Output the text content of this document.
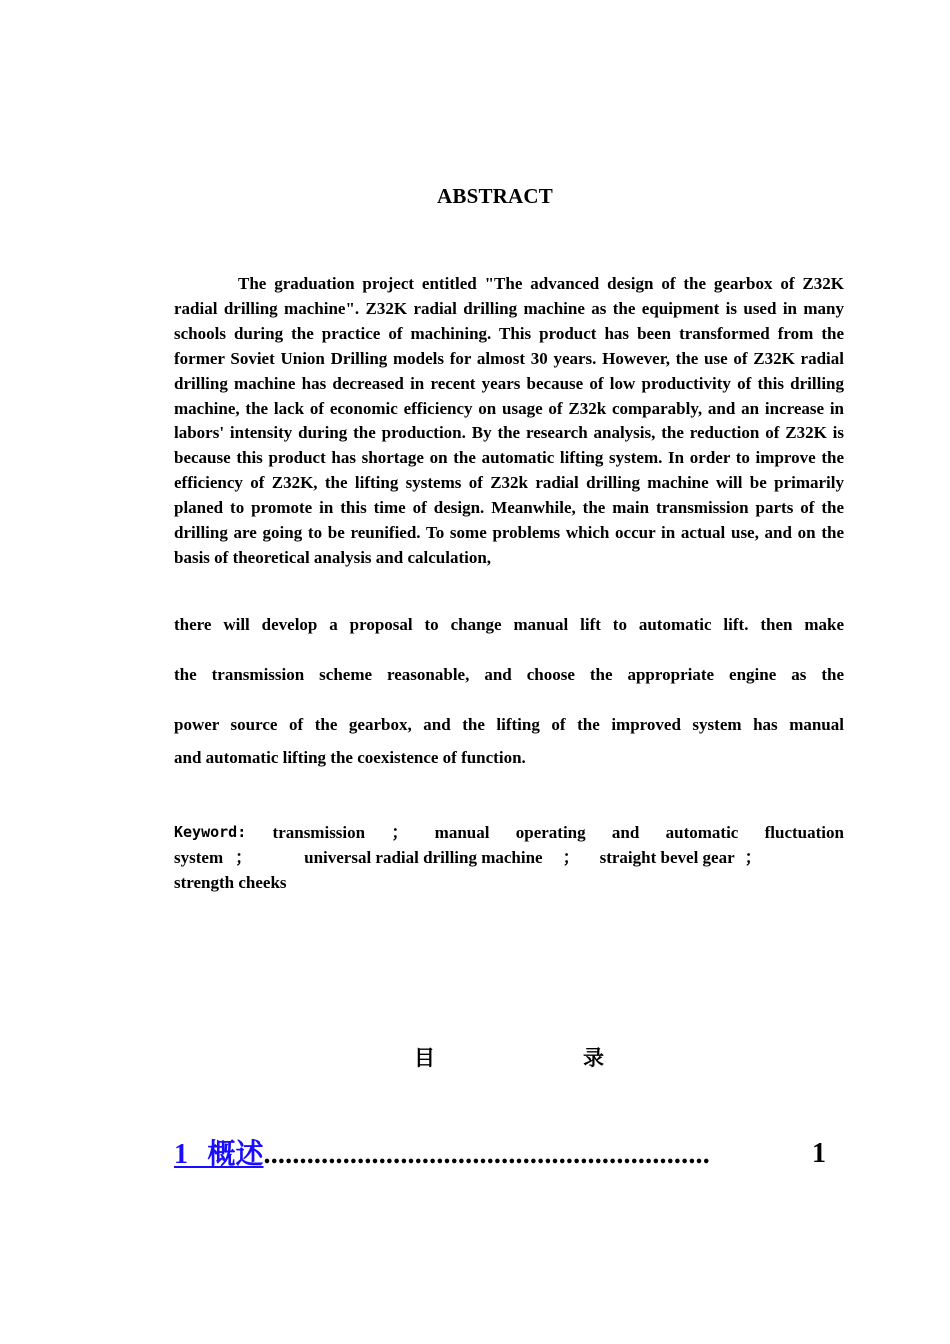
ABSTRACT
The graduation project entitled "The advanced design of the gearbox of Z32K radial drilling machine". Z32K radial drilling machine as the equipment is used in many schools during the practice of machining. This product has been transformed from the former Soviet Union Drilling models for almost 30 years. However, the use of Z32K radial drilling machine has decreased in recent years because of low productivity of this drilling machine, the lack of economic efficiency on usage of Z32k comparably, and an increase in labors' intensity during the production. By the research analysis, the reduction of Z32K is because this product has shortage on the automatic lifting system. In order to improve the efficiency of Z32K, the lifting systems of Z32k radial drilling machine will be primarily planed to promote in this time of design. Meanwhile, the main transmission parts of the drilling are going to be reunified. To some problems which occur in actual use, and on the basis of theoretical analysis and calculation,
there will develop a proposal to change manual lift to automatic lift. then make
the transmission scheme reasonable, and choose the appropriate engine as the
power source of the gearbox, and the lifting of the improved system has manual
and automatic lifting the coexistence of function.
Keyword: transmission ； manual operating and automatic fluctuation
system ；	universal radial drilling machine ； straight bevel gear ；
strength cheeks
目	录
1 概述..............................................................	1
